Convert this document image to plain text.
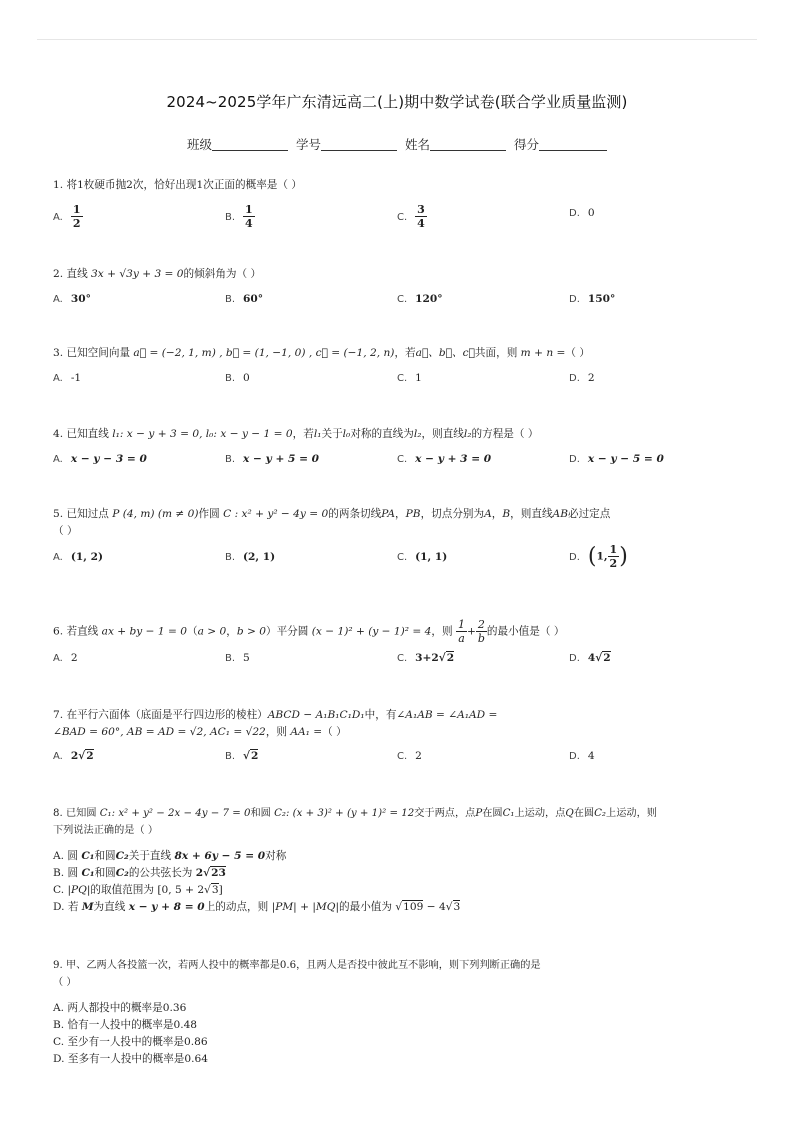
2024~2025学年广东清远高二(上)期中数学试卷(联合学业质量监测)
班级	学号	姓名	得分
1. 将1枚硬币抛2次，恰好出现1次正面的概率是（ ）
A. $\frac{1}{2}$	B. $\frac{1}{4}$	C. $\frac{3}{4}$	D. 0
2. 直线 3x + √3y + 3 = 0的倾斜角为（ ）
A. 30°	B. 60°	C. 120°	D. 150°
3. 已知空间向量 a⃗ = (−2, 1, m) , b⃗ = (1, −1, 0) , c⃗ = (−1, 2, n)，若a⃗、b⃗、c⃗共面，则 m + n =（ ）
A. -1	B. 0	C. 1	D. 2
4. 已知直线 l₁: x − y + 3 = 0, l₀: x − y − 1 = 0，若l₁关于l₀对称的直线为l₂，则直线l₂的方程是（ ）
A. x − y − 3 = 0	B. x − y + 5 = 0	C. x − y + 3 = 0	D. x − y − 5 = 0
5. 已知过点 P (4, m) (m ≠ 0)作圆 C : x² + y² − 4y = 0的两条切线PA，PB，切点分别为A，B，则直线AB必过定点
（ ）
A. (1, 2)	B. (2, 1)	C. (1, 1)	D. (1, $\frac{1}{2}$ )
6. 若直线 ax + by − 1 = 0（a > 0，b > 0）平分圆 (x − 1)² + (y − 1)² = 4，则 $\frac{1}{a} + \frac{2}{b}$ 的最小值是（ ）
A. 2	B. 5	C. 3+2√2	D. 4√2
7. 在平行六面体（底面是平行四边形的棱柱）ABCD − A₁B₁C₁D₁中，有∠A₁AB = ∠A₁AD =
∠BAD = 60°, AB = AD = √2, AC₁ = √22，则 AA₁ =（ ）
A. 2√2	B. √2	C. 2	D. 4
8. 已知圆 C₁: x² + y² − 2x − 4y − 7 = 0和圆 C₂: (x + 3)² + (y + 1)² = 12交于两点，点P在圆C₁上运动，点Q在圆C₂上运动，则
下列说法正确的是（ ）
A. 圆 C₁和圆C₂关于直线 8x + 6y − 5 = 0对称
B. 圆 C₁和圆C₂的公共弦长为 2√23
C. |PQ|的取值范围为 [0, 5 + 2√3]
D. 若 M为直线 x − y + 8 = 0上的动点，则 |PM| + |MQ|的最小值为 √109 − 4√3
9. 甲、乙两人各投篮一次，若两人投中的概率都是0.6，且两人是否投中彼此互不影响，则下列判断正确的是
（ ）
A. 两人都投中的概率是0.36
B. 恰有一人投中的概率是0.48
C. 至少有一人投中的概率是0.86
D. 至多有一人投中的概率是0.64
